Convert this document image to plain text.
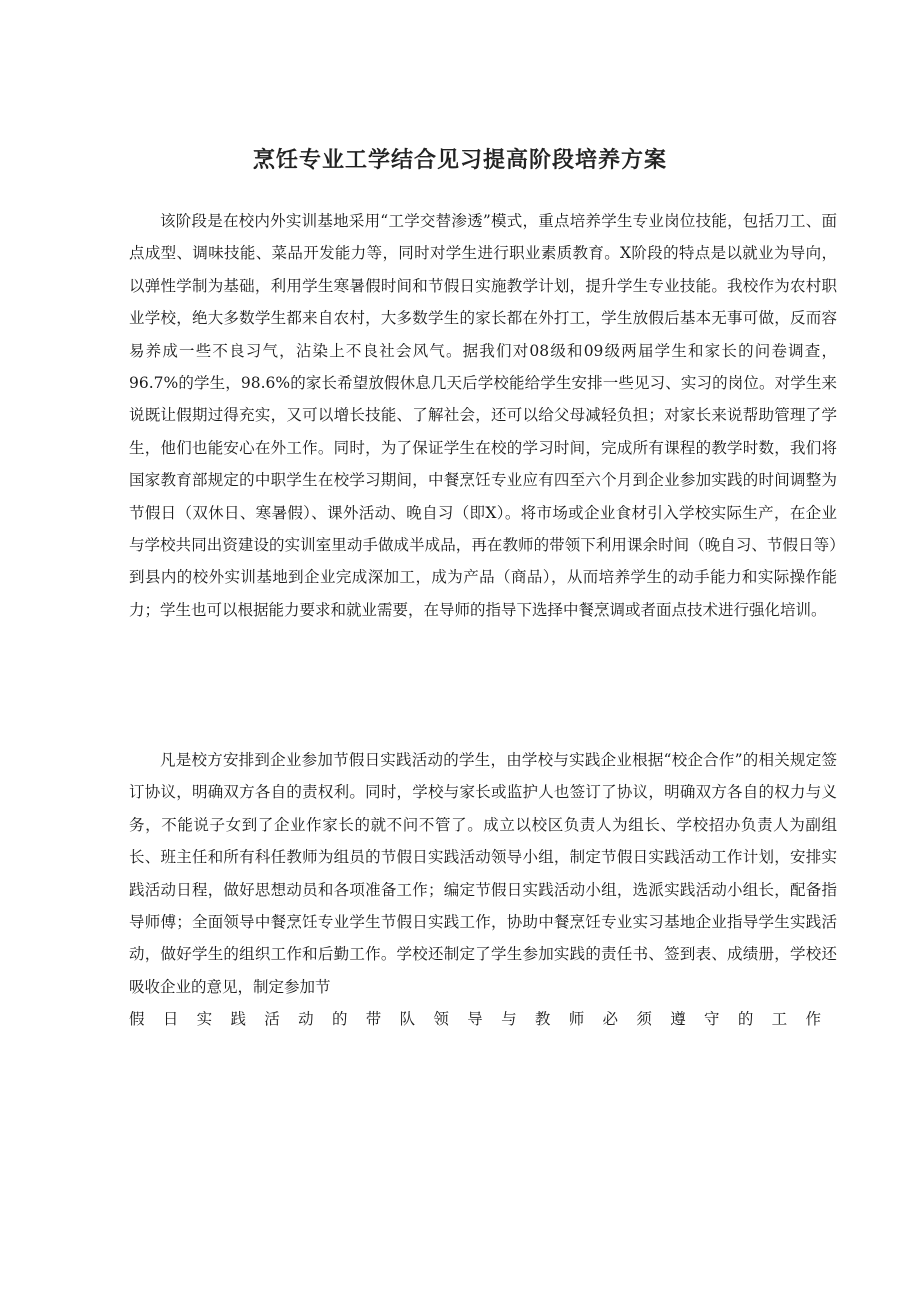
烹饪专业工学结合见习提高阶段培养方案

该阶段是在校内外实训基地采用“工学交替渗透”模式，重点培养学生专业岗位技能，包括刀工、面点成型、调味技能、菜品开发能力等，同时对学生进行职业素质教育。X阶段的特点是以就业为导向，以弹性学制为基础，利用学生寒暑假时间和节假日实施教学计划，提升学生专业技能。我校作为农村职业学校，绝大多数学生都来自农村，大多数学生的家长都在外打工，学生放假后基本无事可做，反而容易养成一些不良习气，沾染上不良社会风气。据我们对08级和09级两届学生和家长的问卷调查，96.7%的学生，98.6%的家长希望放假休息几天后学校能给学生安排一些见习、实习的岗位。对学生来说既让假期过得充实，又可以增长技能、了解社会，还可以给父母减轻负担；对家长来说帮助管理了学生，他们也能安心在外工作。同时，为了保证学生在校的学习时间，完成所有课程的教学时数，我们将国家教育部规定的中职学生在校学习期间，中餐烹饪专业应有四至六个月到企业参加实践的时间调整为节假日（双休日、寒暑假）、课外活动、晚自习（即X）。将市场或企业食材引入学校实际生产，在企业与学校共同出资建设的实训室里动手做成半成品，再在教师的带领下利用课余时间（晚自习、节假日等）到县内的校外实训基地到企业完成深加工，成为产品（商品），从而培养学生的动手能力和实际操作能力；学生也可以根据能力要求和就业需要，在导师的指导下选择中餐烹调或者面点技术进行强化培训。

凡是校方安排到企业参加节假日实践活动的学生，由学校与实践企业根据“校企合作”的相关规定签订协议，明确双方各自的责权利。同时，学校与家长或监护人也签订了协议，明确双方各自的权力与义务，不能说子女到了企业作家长的就不问不管了。成立以校区负责人为组长、学校招办负责人为副组长、班主任和所有科任教师为组员的节假日实践活动领导小组，制定节假日实践活动工作计划，安排实践活动日程，做好思想动员和各项准备工作；编定节假日实践活动小组，选派实践活动小组长，配备指导师傅；全面领导中餐烹饪专业学生节假日实践工作，协助中餐烹饪专业实习基地企业指导学生实践活动，做好学生的组织工作和后勤工作。学校还制定了学生参加实践的责任书、签到表、成绩册，学校还吸收企业的意见，制定参加节
假日实践活动的带队领导与教师必须遵守的工作
